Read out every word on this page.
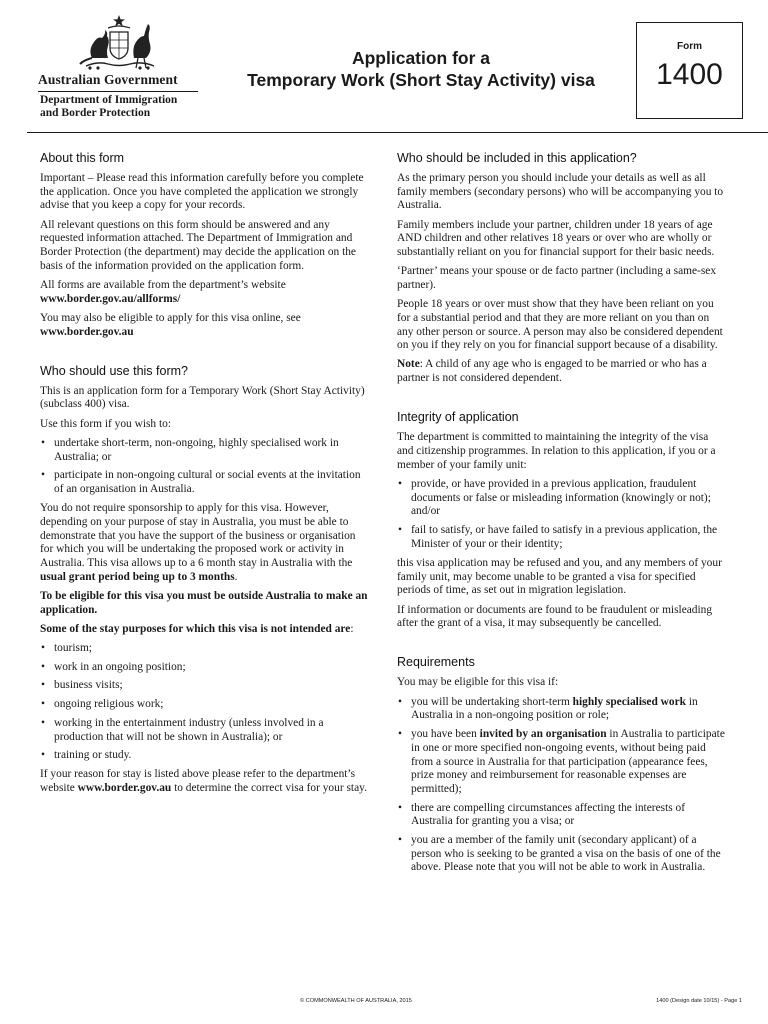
Australian Government
Department of Immigration
and Border Protection
Application for a
Temporary Work (Short Stay Activity) visa
Form
1400
About this form

Important – Please read this information carefully before you complete the application. Once you have completed the application we strongly advise that you keep a copy for your records.

All relevant questions on this form should be answered and any requested information attached. The Department of Immigration and Border Protection (the department) may decide the application on the basis of the information provided on the application form.

All forms are available from the department’s website
www.border.gov.au/allforms/

You may also be eligible to apply for this visa online, see
www.border.gov.au

Who should use this form?

This is an application form for a Temporary Work (Short Stay Activity) (subclass 400) visa.

Use this form if you wish to:

• undertake short-term, non-ongoing, highly specialised work in Australia; or
• participate in non-ongoing cultural or social events at the invitation of an organisation in Australia.

You do not require sponsorship to apply for this visa. However, depending on your purpose of stay in Australia, you must be able to demonstrate that you have the support of the business or organisation for which you will be undertaking the proposed work or activity in Australia. This visa allows up to a 6 month stay in Australia with the usual grant period being up to 3 months.

To be eligible for this visa you must be outside Australia to make an application.

Some of the stay purposes for which this visa is not intended are:

• tourism;
• work in an ongoing position;
• business visits;
• ongoing religious work;
• working in the entertainment industry (unless involved in a production that will not be shown in Australia); or
• training or study.

If your reason for stay is listed above please refer to the department’s website www.border.gov.au to determine the correct visa for your stay.

Who should be included in this application?

As the primary person you should include your details as well as all family members (secondary persons) who will be accompanying you to Australia.

Family members include your partner, children under 18 years of age AND children and other relatives 18 years or over who are wholly or substantially reliant on you for financial support for their basic needs.

‘Partner’ means your spouse or de facto partner (including a same-sex partner).

People 18 years or over must show that they have been reliant on you for a substantial period and that they are more reliant on you than on any other person or source. A person may also be considered dependent on you if they rely on you for financial support because of a disability.

Note: A child of any age who is engaged to be married or who has a partner is not considered dependent.

Integrity of application

The department is committed to maintaining the integrity of the visa and citizenship programmes. In relation to this application, if you or a member of your family unit:

• provide, or have provided in a previous application, fraudulent documents or false or misleading information (knowingly or not); and/or
• fail to satisfy, or have failed to satisfy in a previous application, the Minister of your or their identity;

this visa application may be refused and you, and any members of your family unit, may become unable to be granted a visa for specified periods of time, as set out in migration legislation.

If information or documents are found to be fraudulent or misleading after the grant of a visa, it may subsequently be cancelled.

Requirements

You may be eligible for this visa if:

• you will be undertaking short-term highly specialised work in Australia in a non-ongoing position or role;
• you have been invited by an organisation in Australia to participate in one or more specified non-ongoing events, without being paid from a source in Australia for that participation (appearance fees, prize money and reimbursement for reasonable expenses are permitted);
• there are compelling circumstances affecting the interests of Australia for granting you a visa; or
• you are a member of the family unit (secondary applicant) of a person who is seeking to be granted a visa on the basis of one of the above. Please note that you will not be able to work in Australia.
© COMMONWEALTH OF AUSTRALIA, 2015	1400 (Design date 10/15) - Page 1
